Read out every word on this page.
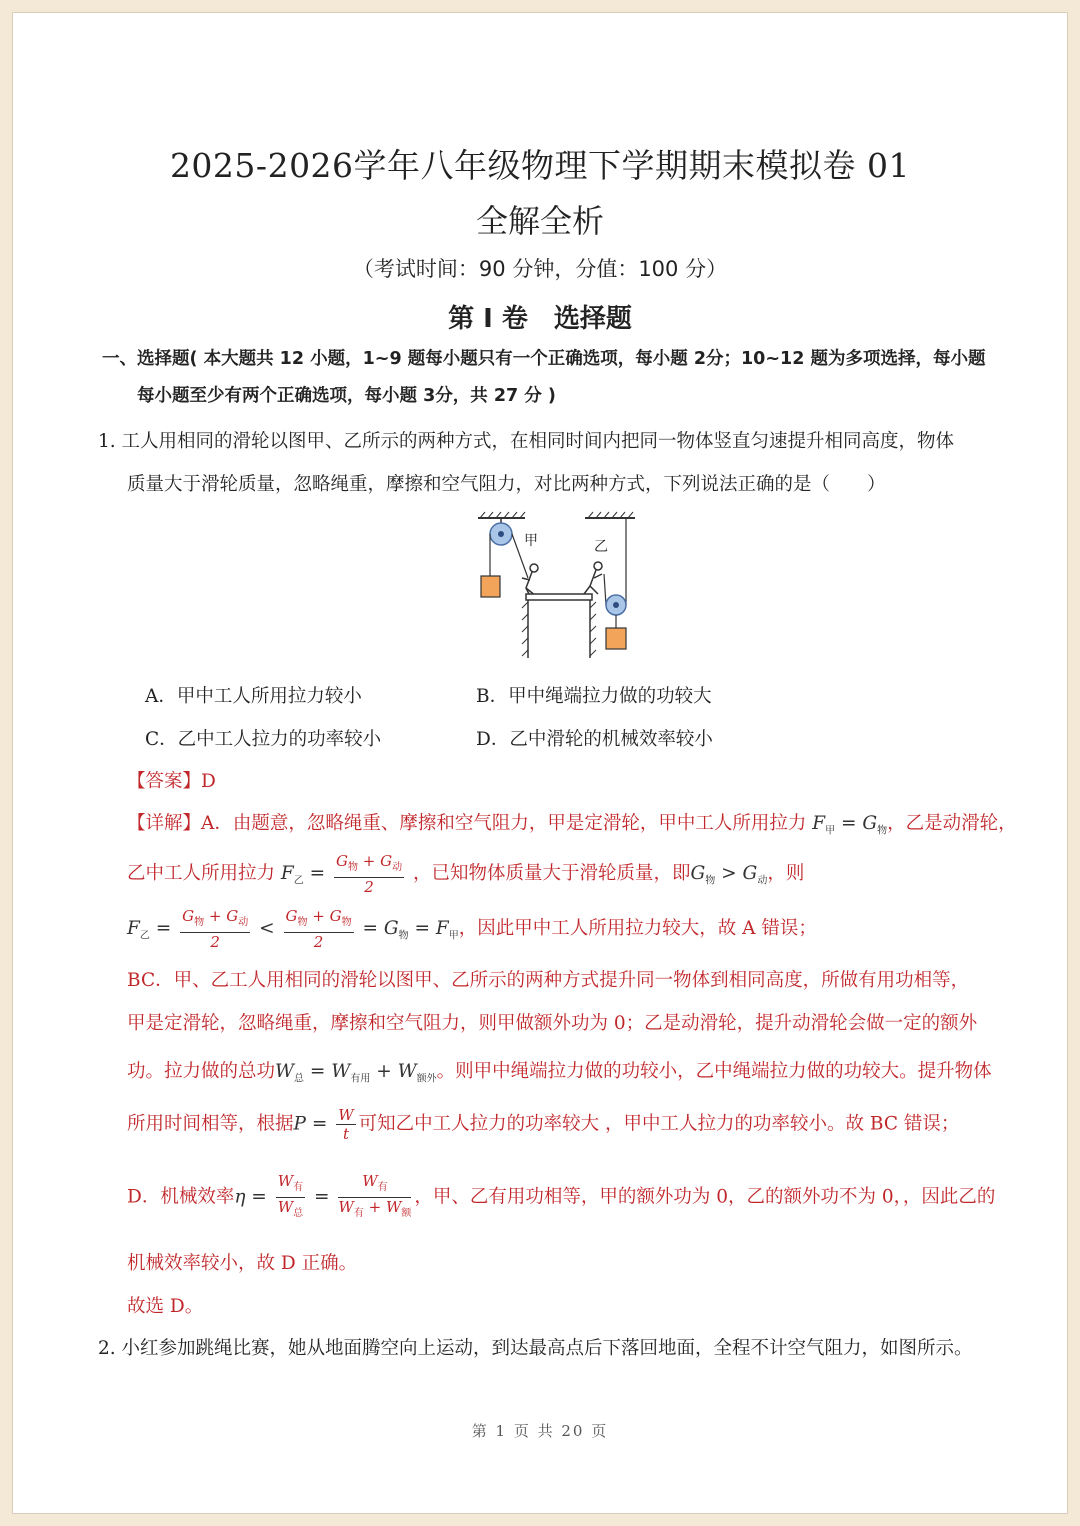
2025-2026学年八年级物理下学期期末模拟卷 01
全解全析
（考试时间：90 分钟，分值：100 分）
第 Ⅰ 卷　选择题
一、选择题( 本大题共 12 小题，1~9 题每小题只有一个正确选项，每小题 2分；10~12 题为多项选择，每小题
每小题至少有两个正确选项，每小题 3分，共 27 分 )
1. 工人用相同的滑轮以图甲、乙所示的两种方式，在相同时间内把同一物体竖直匀速提升相同高度，物体
质量大于滑轮质量，忽略绳重，摩擦和空气阻力，对比两种方式，下列说法正确的是（　　）
甲	乙
A．甲中工人所用拉力较小	B．甲中绳端拉力做的功较大
C．乙中工人拉力的功率较小	D．乙中滑轮的机械效率较小
【答案】D
【详解】A．由题意，忽略绳重、摩擦和空气阻力，甲是定滑轮，甲中工人所用拉力 $F_甲 = G_物$，乙是动滑轮，
乙中工人所用拉力 $F_乙 = \frac{G_物 + G_动}{2}$ ，已知物体质量大于滑轮质量，即$G_物 > G_动$，则
$F_乙 = \frac{G_物 + G_动}{2} < \frac{G_物 + G_物}{2} = G_物 = F_甲$，因此甲中工人所用拉力较大，故 A 错误；
BC．甲、乙工人用相同的滑轮以图甲、乙所示的两种方式提升同一物体到相同高度，所做有用功相等，
甲是定滑轮，忽略绳重，摩擦和空气阻力，则甲做额外功为 0；乙是动滑轮，提升动滑轮会做一定的额外
功。拉力做的总功$W_总 = W_{有用} + W_{额外}$。则甲中绳端拉力做的功较小，乙中绳端拉力做的功较大。提升物体
所用时间相等，根据$P = \frac{W}{t}$ 可知乙中工人拉力的功率较大 ，甲中工人拉力的功率较小。故 BC 错误；
D．机械效率$\eta = \frac{W_有}{W_总} = \frac{W_有}{W_有 + W_额}$ ，甲、乙有用功相等，甲的额外功为 0，乙的额外功不为 0，，因此乙的
机械效率较小，故 D 正确。
故选 D。
2. 小红参加跳绳比赛，她从地面腾空向上运动，到达最高点后下落回地面，全程不计空气阻力，如图所示。
第 1 页 共 20 页
